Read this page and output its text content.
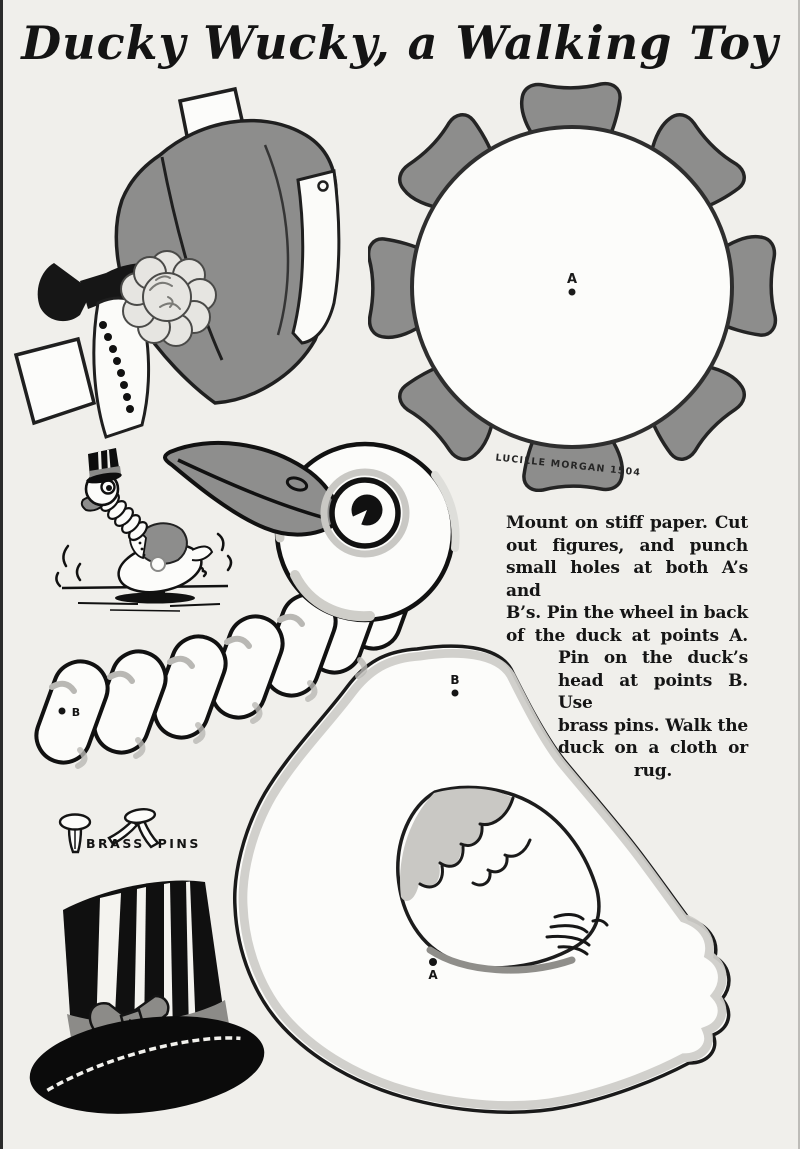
Ducky Wucky, a Walking Toy
B
A
A
LUCILLE MORGAN 1504
B
Mount on stiff paper. Cut
out figures, and punch
small holes at both A’s and
B’s. Pin the wheel in back
of the duck at points A.
Pin on the duck’s
head at points B. Use
brass pins. Walk the
duck on a cloth or
rug.
BRASS PINS
